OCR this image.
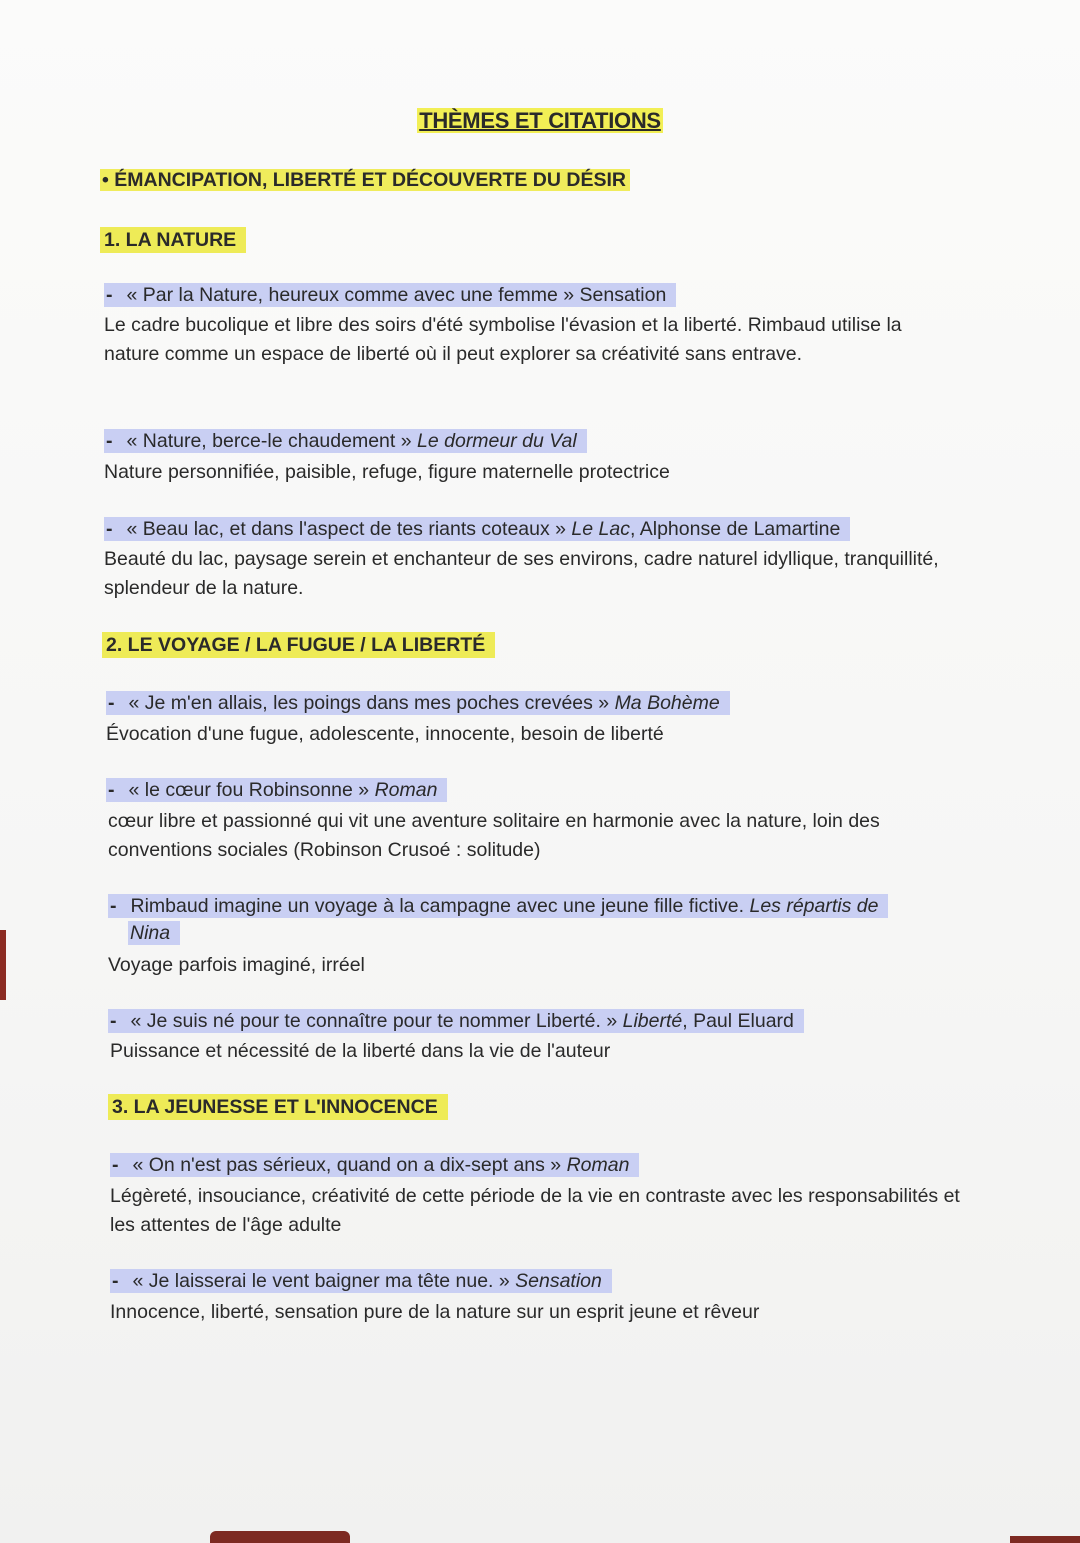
THÈMES ET CITATIONS
• ÉMANCIPATION, LIBERTÉ ET DÉCOUVERTE DU DÉSIR
1. LA NATURE
- « Par la Nature, heureux comme avec une femme » Sensation
Le cadre bucolique et libre des soirs d'été symbolise l'évasion et la liberté. Rimbaud utilise la nature comme un espace de liberté où il peut explorer sa créativité sans entrave.
- « Nature, berce-le chaudement » Le dormeur du Val
Nature personnifiée, paisible, refuge, figure maternelle protectrice
- « Beau lac, et dans l'aspect de tes riants coteaux » Le Lac, Alphonse de Lamartine
Beauté du lac, paysage serein et enchanteur de ses environs, cadre naturel idyllique, tranquillité, splendeur de la nature.
2. LE VOYAGE / LA FUGUE / LA LIBERTÉ
- « Je m'en allais, les poings dans mes poches crevées » Ma Bohème
Évocation d'une fugue, adolescente, innocente, besoin de liberté
- « le cœur fou Robinsonne » Roman
cœur libre et passionné qui vit une aventure solitaire en harmonie avec la nature, loin des conventions sociales (Robinson Crusoé : solitude)
- Rimbaud imagine un voyage à la campagne avec une jeune fille fictive. Les répartis de
Nina
Voyage parfois imaginé, irréel
- « Je suis né pour te connaître pour te nommer Liberté. » Liberté, Paul Eluard
Puissance et nécessité de la liberté dans la vie de l'auteur
3. LA JEUNESSE ET L'INNOCENCE
- « On n'est pas sérieux, quand on a dix-sept ans » Roman
Légèreté, insouciance, créativité de cette période de la vie en contraste avec les responsabilités et les attentes de l'âge adulte
- « Je laisserai le vent baigner ma tête nue. » Sensation
Innocence, liberté, sensation pure de la nature sur un esprit jeune et rêveur
